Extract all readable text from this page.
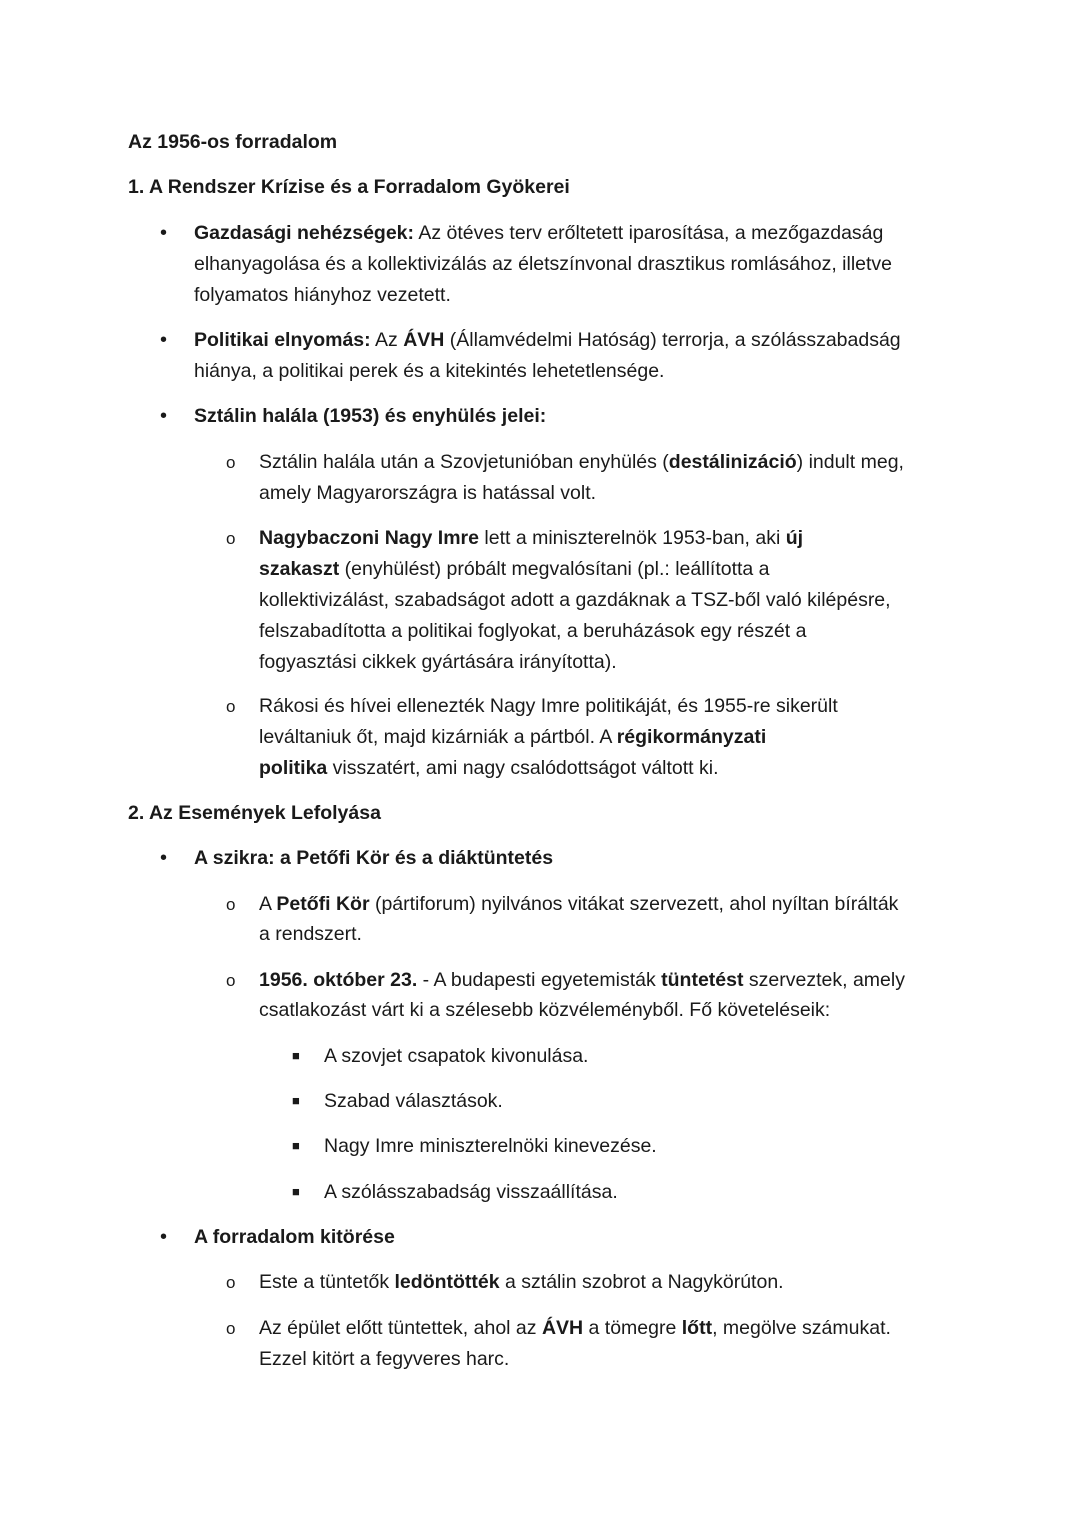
Az 1956-os forradalom
1. A Rendszer Krízise és a Forradalom Gyökerei
• Gazdasági nehézségek: Az ötéves terv erőltetett iparosítása, a mezőgazdaság
elhanyagolása és a kollektivizálás az életszínvonal drasztikus romlásához, illetve
folyamatos hiányhoz vezetett.
• Politikai elnyomás: Az ÁVH (Államvédelmi Hatóság) terrorja, a szólásszabadság
hiánya, a politikai perek és a kitekintés lehetetlensége.
• Sztálin halála (1953) és enyhülés jelei:
o Sztálin halála után a Szovjetunióban enyhülés (destálinizáció) indult meg,
amely Magyarországra is hatással volt.
o Nagybaczoni Nagy Imre lett a miniszterelnök 1953-ban, aki új
szakaszt (enyhülést) próbált megvalósítani (pl.: leállította a
kollektivizálást, szabadságot adott a gazdáknak a TSZ-ből való kilépésre,
felszabadította a politikai foglyokat, a beruházások egy részét a
fogyasztási cikkek gyártására irányította).
o Rákosi és hívei ellenezték Nagy Imre politikáját, és 1955-re sikerült
leváltaniuk őt, majd kizárniák a pártból. A régikormányzati
politika visszatért, ami nagy csalódottságot váltott ki.
2. Az Események Lefolyása
• A szikra: a Petőfi Kör és a diáktüntetés
o A Petőfi Kör (pártiforum) nyilvános vitákat szervezett, ahol nyíltan bírálták
a rendszert.
o 1956. október 23. - A budapesti egyetemisták tüntetést szerveztek, amely
csatlakozást várt ki a szélesebb közvéleményből. Fő követeléseik:
■ A szovjet csapatok kivonulása.
■ Szabad választások.
■ Nagy Imre miniszterelnöki kinevezése.
■ A szólásszabadság visszaállítása.
• A forradalom kitörése
o Este a tüntetők ledöntötték a sztálin szobrot a Nagykörúton.
o Az épület előtt tüntettek, ahol az ÁVH a tömegre lőtt, megölve számukat.
Ezzel kitört a fegyveres harc.
